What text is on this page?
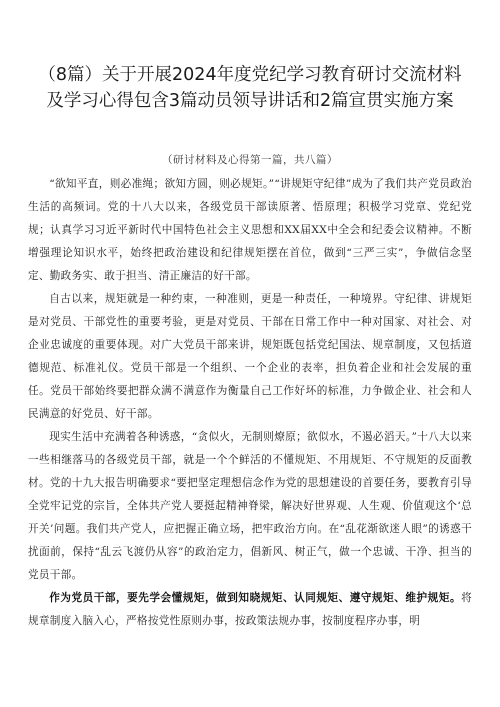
（8篇）关于开展2024年度党纪学习教育研讨交流材料及学习心得包含3篇动员领导讲话和2篇宣贯实施方案
（研讨材料及心得第一篇，共八篇）

“欲知平直，则必准绳；欲知方圆，则必规矩。”“讲规矩守纪律”成为了我们共产党员政治生活的高频词。党的十八大以来，各级党员干部读原著、悟原理；积极学习党章、党纪党规；认真学习习近平新时代中国特色社会主义思想和XX届XX中全会和纪委会议精神。不断增强理论知识水平，始终把政治建设和纪律规矩摆在首位，做到“三严三实”，争做信念坚定、勤政务实、敢于担当、清正廉洁的好干部。

自古以来，规矩就是一种约束，一种准则，更是一种责任，一种境界。守纪律、讲规矩是对党员、干部党性的重要考验，更是对党员、干部在日常工作中一种对国家、对社会、对企业忠诚度的重要体现。对广大党员干部来讲，规矩既包括党纪国法、规章制度，又包括道德规范、标准礼仪。党员干部是一个组织、一个企业的表率，担负着企业和社会发展的重任。党员干部始终要把群众满不满意作为衡量自己工作好坏的标准，力争做企业、社会和人民满意的好党员、好干部。

现实生活中充满着各种诱惑，“贪似火，无制则燎原；欲似水，不遏必滔天。”十八大以来一些相继落马的各级党员干部，就是一个个鲜活的不懂规矩、不用规矩、不守规矩的反面教材。党的十九大报告明确要求“要把坚定理想信念作为党的思想建设的首要任务，要教育引导全党牢记党的宗旨，全体共产党人要挺起精神脊梁，解决好世界观、人生观、价值观这个‘总开关’问题。我们共产党人，应把握正确立场，把牢政治方向。在“乱花渐欲迷人眼”的诱惑干扰面前，保持“乱云飞渡仍从容”的政治定力，倡新风、树正气，做一个忠诚、干净、担当的党员干部。

作为党员干部，要先学会懂规矩，做到知晓规矩、认同规矩、遵守规矩、维护规矩。将规章制度入脑入心，严格按党性原则办事，按政策法规办事，按制度程序办事，明
